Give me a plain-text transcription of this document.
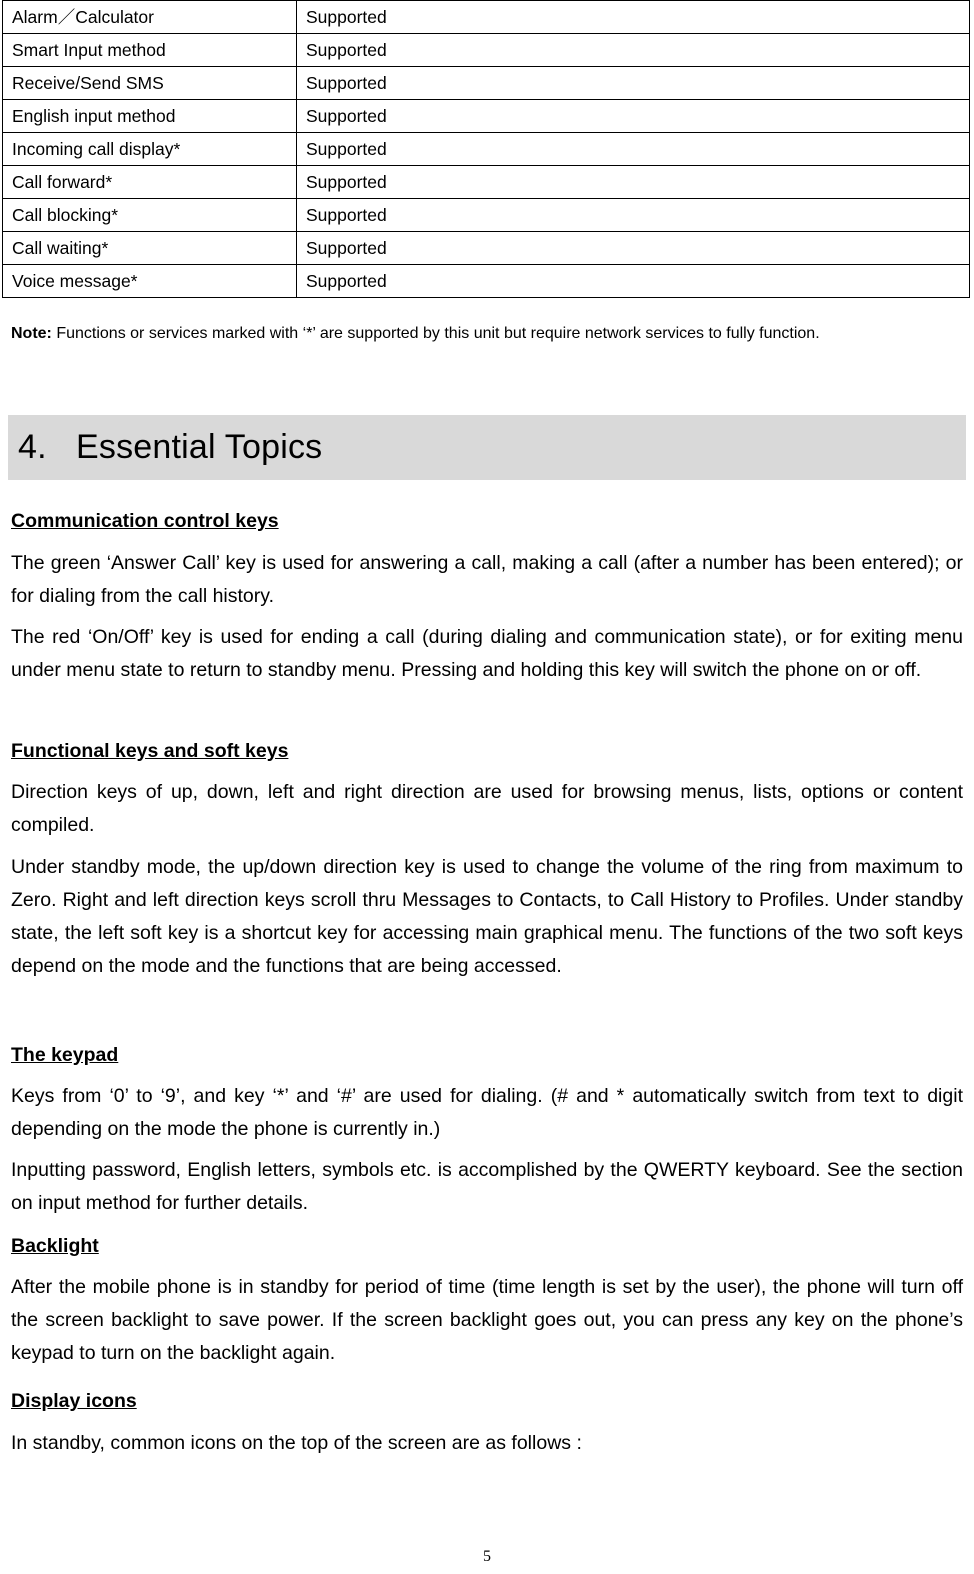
Alarm／Calculator	Supported
Smart Input method	Supported
Receive/Send SMS	Supported
English input method	Supported
Incoming call display*	Supported
Call forward*	Supported
Call blocking*	Supported
Call waiting*	Supported
Voice message*	Supported

Note: Functions or services marked with ‘*’ are supported by this unit but require network services to fully function.

4. Essential Topics
Communication control keys

The green ‘Answer Call’ key is used for answering a call, making a call (after a number has been entered); or for dialing from the call history.

The red ‘On/Off’ key is used for ending a call (during dialing and communication state), or for exiting menu under menu state to return to standby menu. Pressing and holding this key will switch the phone on or off.

Functional keys and soft keys

Direction keys of up, down, left and right direction are used for browsing menus, lists, options or content compiled.

Under standby mode, the up/down direction key is used to change the volume of the ring from maximum to Zero. Right and left direction keys scroll thru Messages to Contacts, to Call History to Profiles. Under standby state, the left soft key is a shortcut key for accessing main graphical menu. The functions of the two soft keys depend on the mode and the functions that are being accessed.

The keypad

Keys from ‘0’ to ‘9’, and key ‘*’ and ‘#’ are used for dialing. (# and * automatically switch from text to digit depending on the mode the phone is currently in.)

Inputting password, English letters, symbols etc. is accomplished by the QWERTY keyboard. See the section on input method for further details.

Backlight

After the mobile phone is in standby for period of time (time length is set by the user), the phone will turn off the screen backlight to save power. If the screen backlight goes out, you can press any key on the phone’s keypad to turn on the backlight again.

Display icons

In standby, common icons on the top of the screen are as follows :

5
